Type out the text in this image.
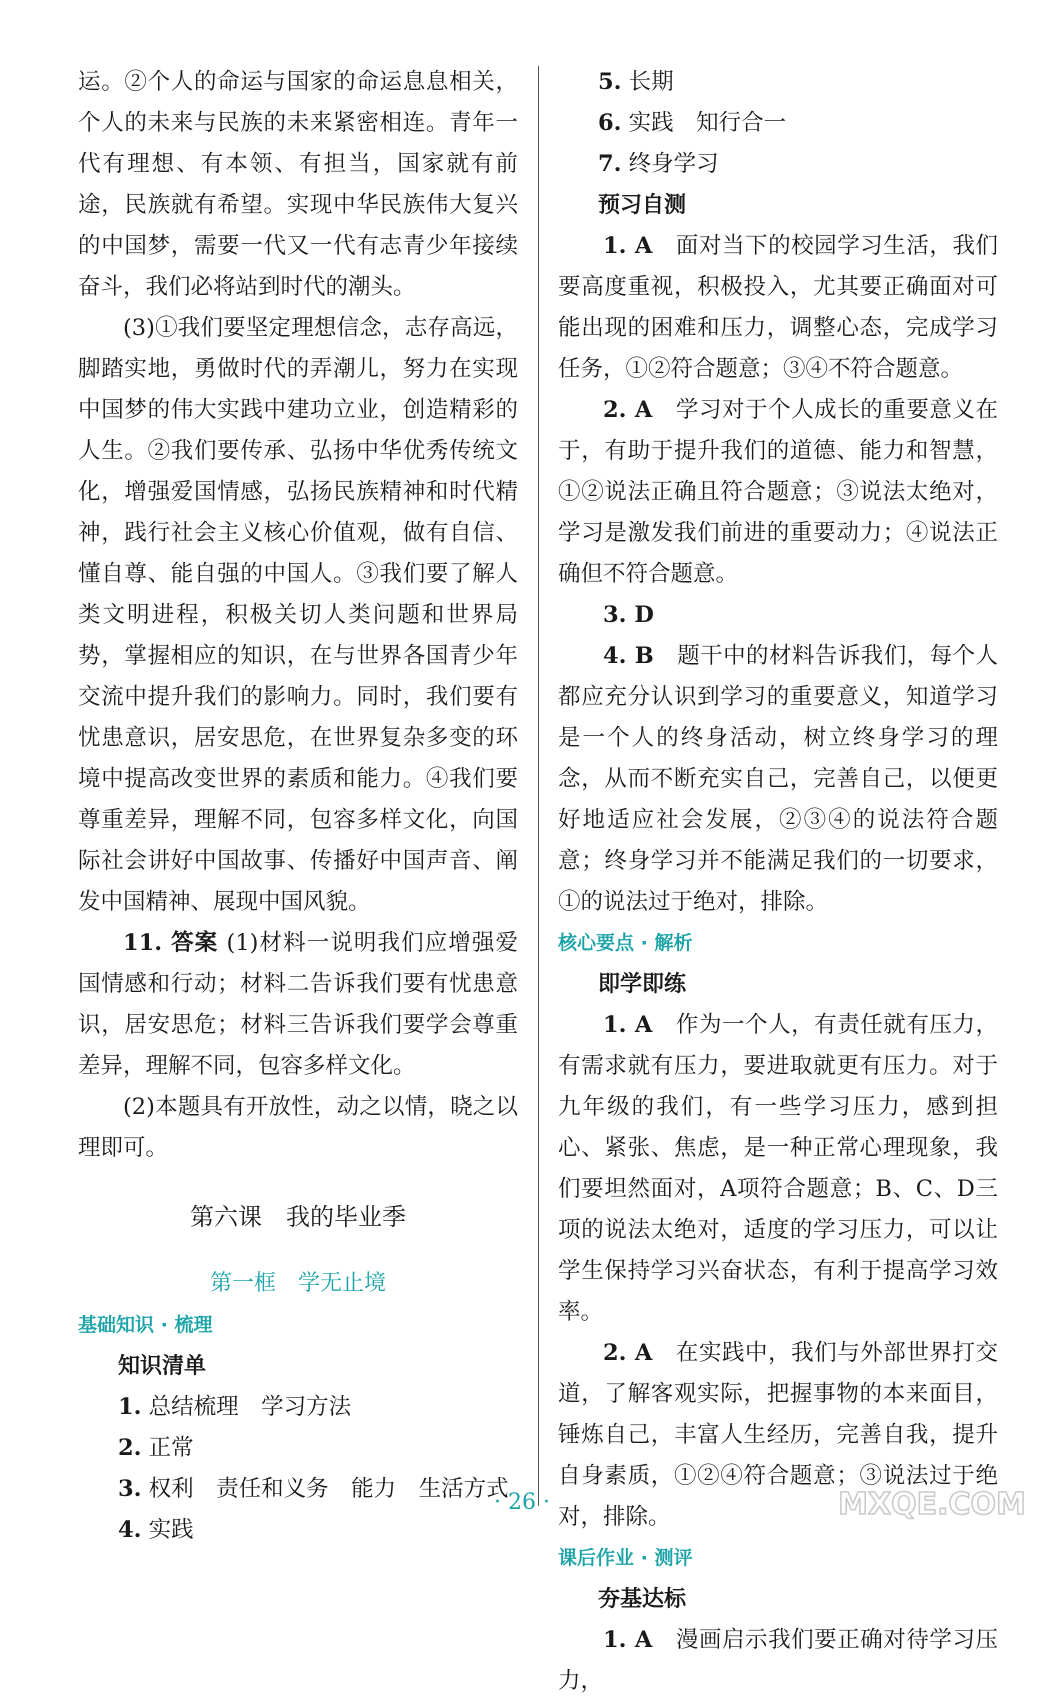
运。②个人的命运与国家的命运息息相关，个人的未来与民族的未来紧密相连。青年一代有理想、有本领、有担当，国家就有前途，民族就有希望。实现中华民族伟大复兴的中国梦，需要一代又一代有志青少年接续奋斗，我们必将站到时代的潮头。

(3)①我们要坚定理想信念，志存高远，脚踏实地，勇做时代的弄潮儿，努力在实现中国梦的伟大实践中建功立业，创造精彩的人生。②我们要传承、弘扬中华优秀传统文化，增强爱国情感，弘扬民族精神和时代精神，践行社会主义核心价值观，做有自信、懂自尊、能自强的中国人。③我们要了解人类文明进程，积极关切人类问题和世界局势，掌握相应的知识，在与世界各国青少年交流中提升我们的影响力。同时，我们要有忧患意识，居安思危，在世界复杂多变的环境中提高改变世界的素质和能力。④我们要尊重差异，理解不同，包容多样文化，向国际社会讲好中国故事、传播好中国声音、阐发中国精神、展现中国风貌。

11. 答案 (1)材料一说明我们应增强爱国情感和行动；材料二告诉我们要有忧患意识，居安思危；材料三告诉我们要学会尊重差异，理解不同，包容多样文化。

(2)本题具有开放性，动之以情，晓之以理即可。

第六课　我的毕业季
第一框　学无止境
基础知识 · 梳理
知识清单
1. 总结梳理　学习方法
2. 正常
3. 权利　责任和义务　能力　生活方式
4. 实践
5. 长期
6. 实践　知行合一
7. 终身学习
预习自测

1. A　 面对当下的校园学习生活，我们要高度重视，积极投入，尤其要正确面对可能出现的困难和压力，调整心态，完成学习任务，①②符合题意；③④不符合题意。

2. A　 学习对于个人成长的重要意义在于，有助于提升我们的道德、能力和智慧，①②说法正确且符合题意；③说法太绝对，学习是激发我们前进的重要动力；④说法正确但不符合题意。

3. D

4. B　 题干中的材料告诉我们，每个人都应充分认识到学习的重要意义，知道学习是一个人的终身活动，树立终身学习的理念，从而不断充实自己，完善自己，以便更好地适应社会发展，②③④的说法符合题意；终身学习并不能满足我们的一切要求，①的说法过于绝对，排除。

核心要点 · 解析
即学即练

1. A　 作为一个人，有责任就有压力，有需求就有压力，要进取就更有压力。对于九年级的我们，有一些学习压力，感到担心、紧张、焦虑，是一种正常心理现象，我们要坦然面对，A项符合题意；B、C、D三项的说法太绝对，适度的学习压力，可以让学生保持学习兴奋状态，有利于提高学习效率。

2. A　 在实践中，我们与外部世界打交道，了解客观实际，把握事物的本来面目，锤炼自己，丰富人生经历，完善自我，提升自身素质，①②④符合题意；③说法过于绝对，排除。

课后作业 · 测评
夯基达标

1. A　 漫画启示我们要正确对待学习压力，

· 26 ·	MXQE.COM
